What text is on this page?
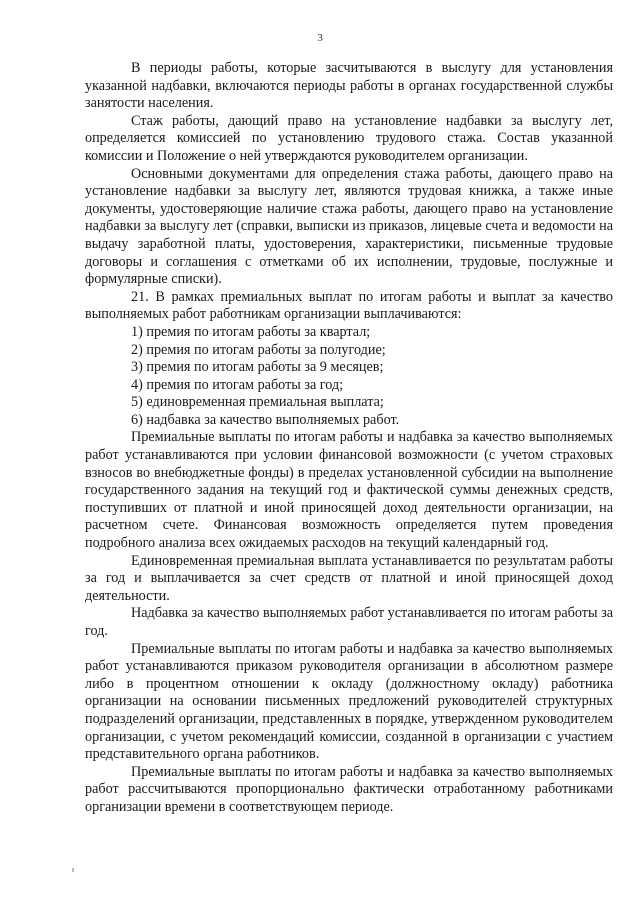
3

В периоды работы, которые засчитываются в выслугу для установления указанной надбавки, включаются периоды работы в органах государственной службы занятости населения.

Стаж работы, дающий право на установление надбавки за выслугу лет, определяется комиссией по установлению трудового стажа. Состав указанной комиссии и Положение о ней утверждаются руководителем организации.

Основными документами для определения стажа работы, дающего право на установление надбавки за выслугу лет, являются трудовая книжка, а также иные документы, удостоверяющие наличие стажа работы, дающего право на установление надбавки за выслугу лет (справки, выписки из приказов, лицевые счета и ведомости на выдачу заработной платы, удостоверения, характеристики, письменные трудовые договоры и соглашения с отметками об их исполнении, трудовые, послужные и формулярные списки).

21. В рамках премиальных выплат по итогам работы и выплат за качество выполняемых работ работникам организации выплачиваются:

1) премия по итогам работы за квартал;

2) премия по итогам работы за полугодие;

3) премия по итогам работы за 9 месяцев;

4) премия по итогам работы за год;

5) единовременная премиальная выплата;

6) надбавка за качество выполняемых работ.

Премиальные выплаты по итогам работы и надбавка за качество выполняемых работ устанавливаются при условии финансовой возможности (с учетом страховых взносов во внебюджетные фонды) в пределах установленной субсидии на выполнение государственного задания на текущий год и фактической суммы денежных средств, поступивших от платной и иной приносящей доход деятельности организации, на расчетном счете. Финансовая возможность определяется путем проведения подробного анализа всех ожидаемых расходов на текущий календарный год.

Единовременная премиальная выплата устанавливается по результатам работы за год и выплачивается за счет средств от платной и иной приносящей доход деятельности.

Надбавка за качество выполняемых работ устанавливается по итогам работы за год.

Премиальные выплаты по итогам работы и надбавка за качество выполняемых работ устанавливаются приказом руководителя организации в абсолютном размере либо в процентном отношении к окладу (должностному окладу) работника организации на основании письменных предложений руководителей структурных подразделений организации, представленных в порядке, утвержденном руководителем организации, с учетом рекомендаций комиссии, созданной в организации с участием представительного органа работников.

Премиальные выплаты по итогам работы и надбавка за качество выполняемых работ рассчитываются пропорционально фактически отработанному работниками организации времени в соответствующем периоде.
